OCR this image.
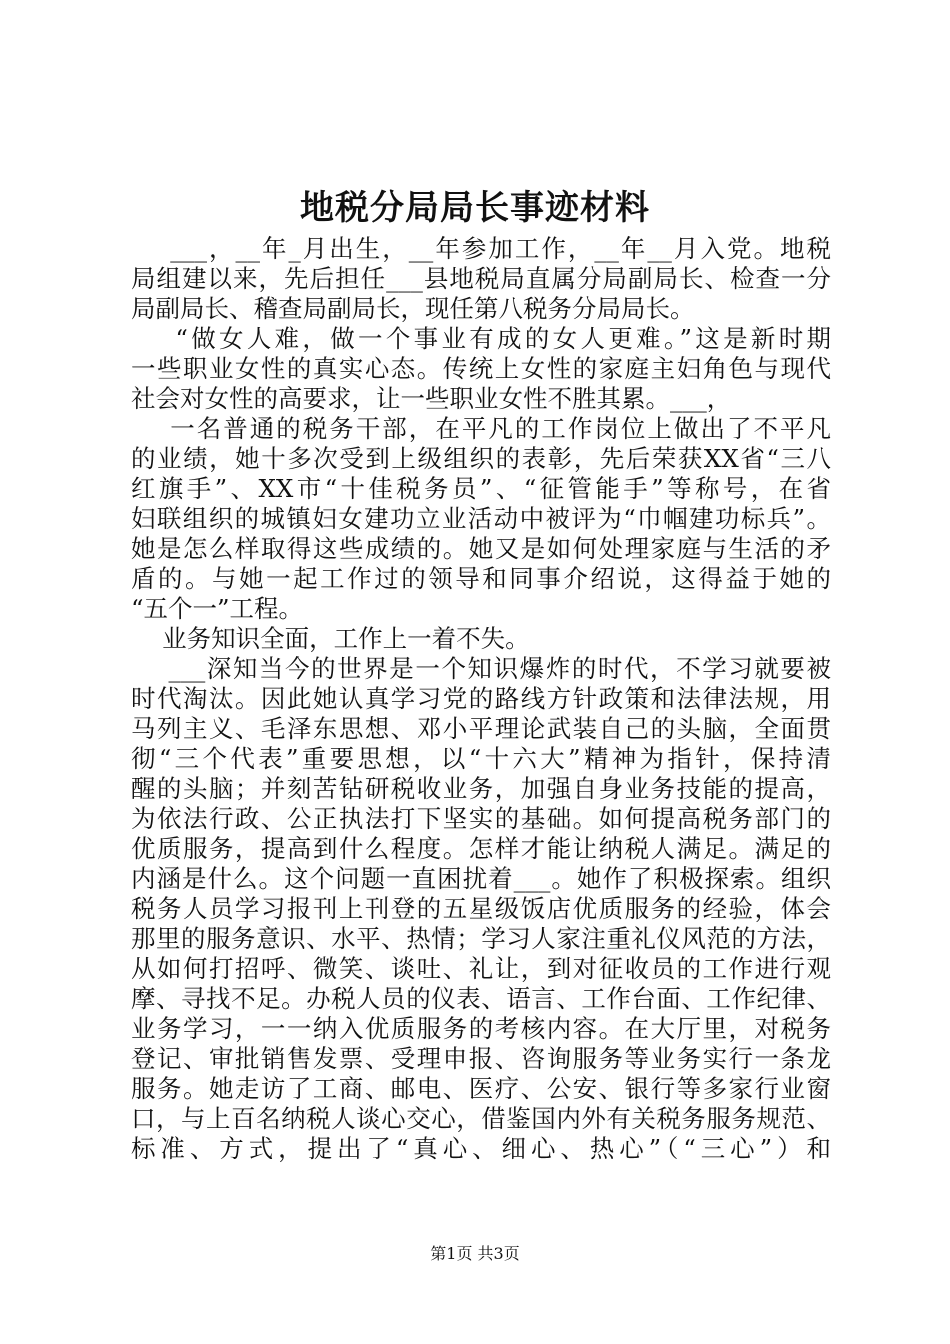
地税分局局长事迹材料
___，__年_月出生，__年参加工作，__年__月入党。地税
局组建以来，先后担任___县地税局直属分局副局长、检查一分
局副局长、稽查局副局长，现任第八税务分局局长。
“做女人难，做一个事业有成的女人更难。”这是新时期
一些职业女性的真实心态。传统上女性的家庭主妇角色与现代
社会对女性的高要求，让一些职业女性不胜其累。___，
一名普通的税务干部，在平凡的工作岗位上做出了不平凡
的业绩，她十多次受到上级组织的表彰，先后荣获XX省“三八
红旗手”、XX市“十佳税务员”、“征管能手”等称号，在省
妇联组织的城镇妇女建功立业活动中被评为“巾帼建功标兵”。
她是怎么样取得这些成绩的。她又是如何处理家庭与生活的矛
盾的。与她一起工作过的领导和同事介绍说，这得益于她的
“五个一”工程。
业务知识全面，工作上一着不失。
___深知当今的世界是一个知识爆炸的时代，不学习就要被
时代淘汰。因此她认真学习党的路线方针政策和法律法规，用
马列主义、毛泽东思想、邓小平理论武装自己的头脑，全面贯
彻“三个代表”重要思想，以“十六大”精神为指针，保持清
醒的头脑；并刻苦钻研税收业务，加强自身业务技能的提高，
为依法行政、公正执法打下坚实的基础。如何提高税务部门的
优质服务，提高到什么程度。怎样才能让纳税人满足。满足的
内涵是什么。这个问题一直困扰着___。她作了积极探索。组织
税务人员学习报刊上刊登的五星级饭店优质服务的经验，体会
那里的服务意识、水平、热情；学习人家注重礼仪风范的方法，
从如何打招呼、微笑、谈吐、礼让，到对征收员的工作进行观
摩、寻找不足。办税人员的仪表、语言、工作台面、工作纪律、
业务学习，一一纳入优质服务的考核内容。在大厅里，对税务
登记、审批销售发票、受理申报、咨询服务等业务实行一条龙
服务。她走访了工商、邮电、医疗、公安、银行等多家行业窗
口，与上百名纳税人谈心交心，借鉴国内外有关税务服务规范、
标准、方式，提出了“真心、细心、热心”（“三心”）和
第1页 共3页
